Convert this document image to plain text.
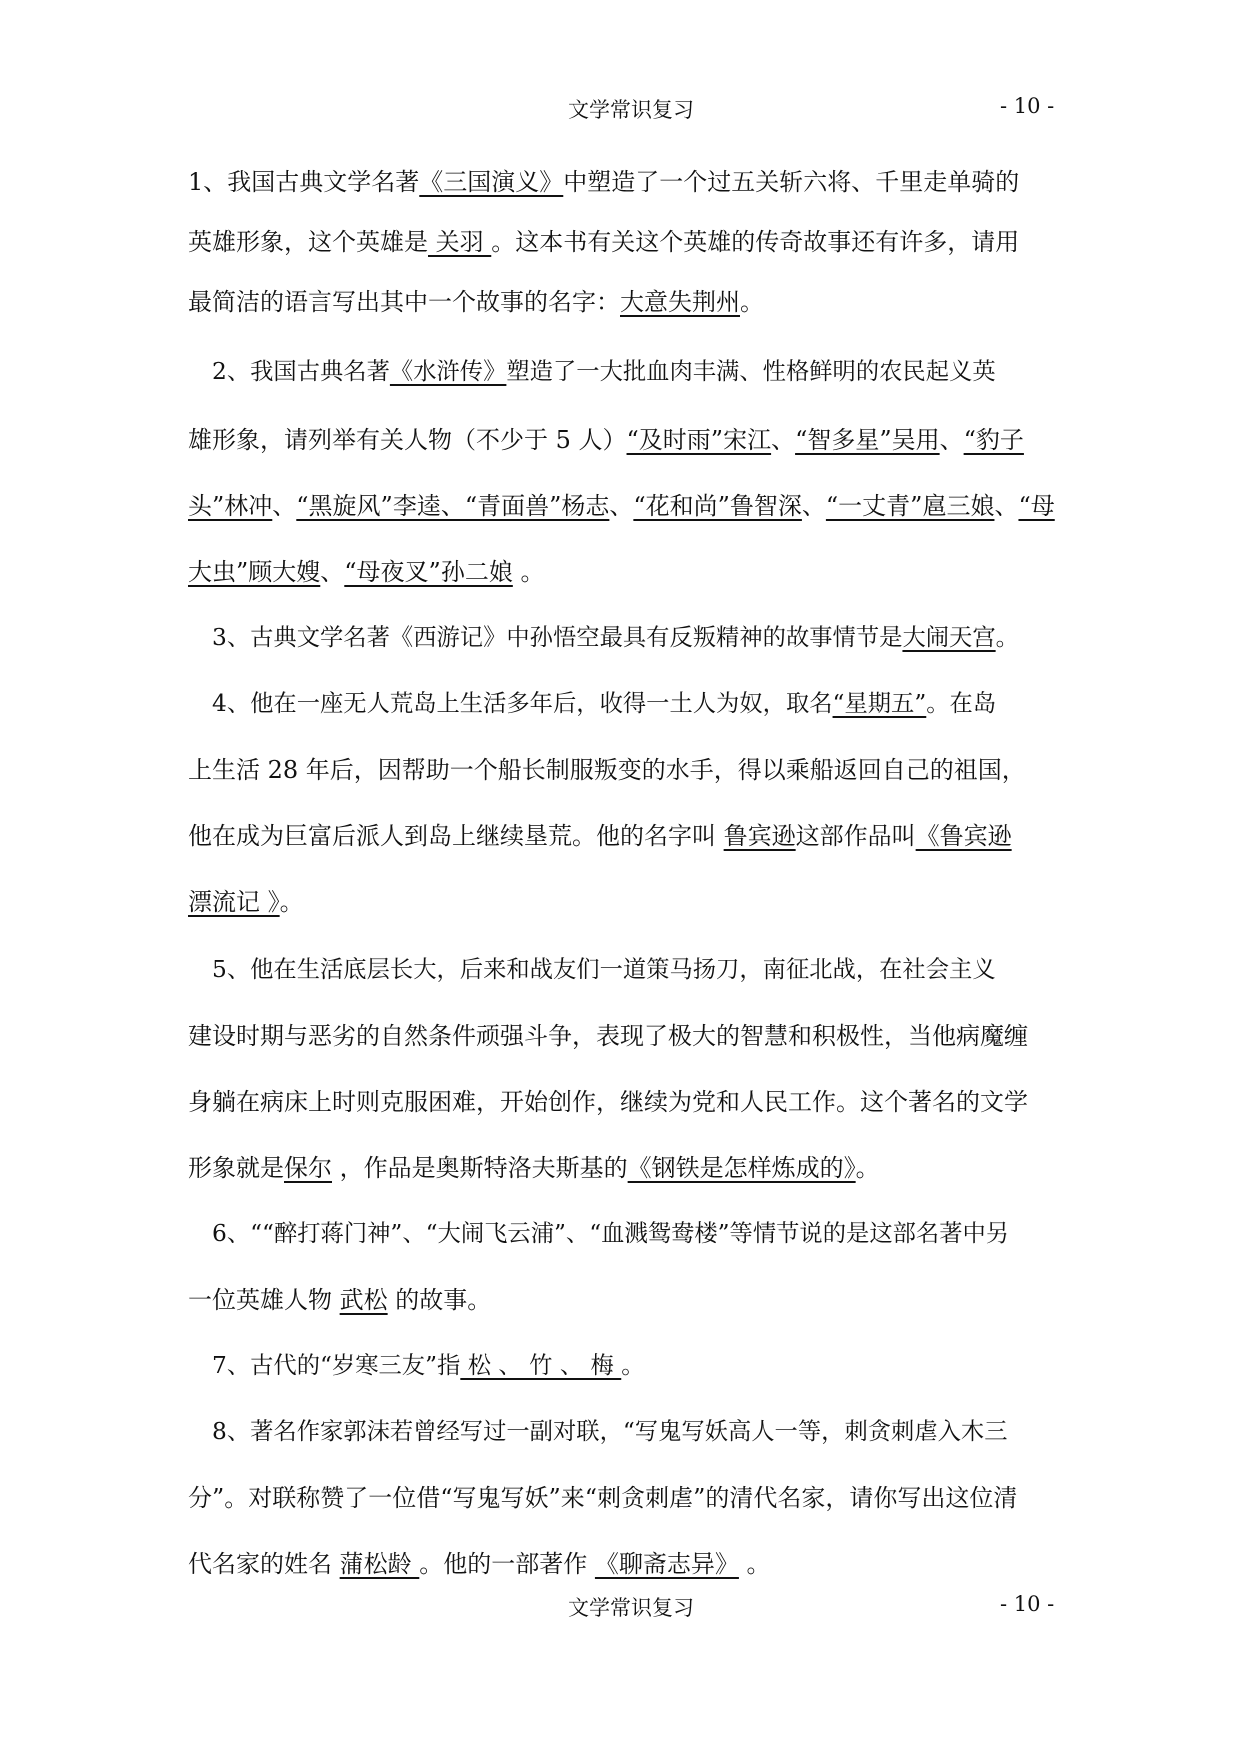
文学常识复习	- 10 -
1、我国古典文学名著《三国演义》中塑造了一个过五关斩六将、千里走单骑的
英雄形象，这个英雄是 关羽 。这本书有关这个英雄的传奇故事还有许多，请用
最简洁的语言写出其中一个故事的名字：大意失荆州。
2、我国古典名著《水浒传》塑造了一大批血肉丰满、性格鲜明的农民起义英
雄形象，请列举有关人物（不少于 5 人）“及时雨”宋江、“智多星”吴用、“豹子
头”林冲、“黑旋风”李逵、“青面兽”杨志、“花和尚”鲁智深、“一丈青”扈三娘、“母
大虫”顾大嫂、“母夜叉”孙二娘 。
3、古典文学名著《西游记》中孙悟空最具有反叛精神的故事情节是大闹天宫。
4、他在一座无人荒岛上生活多年后，收得一土人为奴，取名“星期五”。在岛
上生活 28 年后，因帮助一个船长制服叛变的水手，得以乘船返回自己的祖国，
他在成为巨富后派人到岛上继续垦荒。他的名字叫 鲁宾逊这部作品叫《鲁宾逊
漂流记 》。
5、他在生活底层长大，后来和战友们一道策马扬刀，南征北战，在社会主义
建设时期与恶劣的自然条件顽强斗争，表现了极大的智慧和积极性，当他病魔缠
身躺在病床上时则克服困难，开始创作，继续为党和人民工作。这个著名的文学
形象就是保尔 ，作品是奥斯特洛夫斯基的《钢铁是怎样炼成的》。
6、““醉打蒋门神”、“大闹飞云浦”、“血溅鸳鸯楼”等情节说的是这部名著中另
一位英雄人物 武松 的故事。
7、古代的“岁寒三友”指 松 、 竹 、 梅 。
8、著名作家郭沫若曾经写过一副对联，“写鬼写妖高人一等，刺贪刺虐入木三
分”。对联称赞了一位借“写鬼写妖”来“刺贪刺虐”的清代名家，请你写出这位清
代名家的姓名 蒲松龄 。他的一部著作 《聊斋志异》 。
文学常识复习	- 10 -
